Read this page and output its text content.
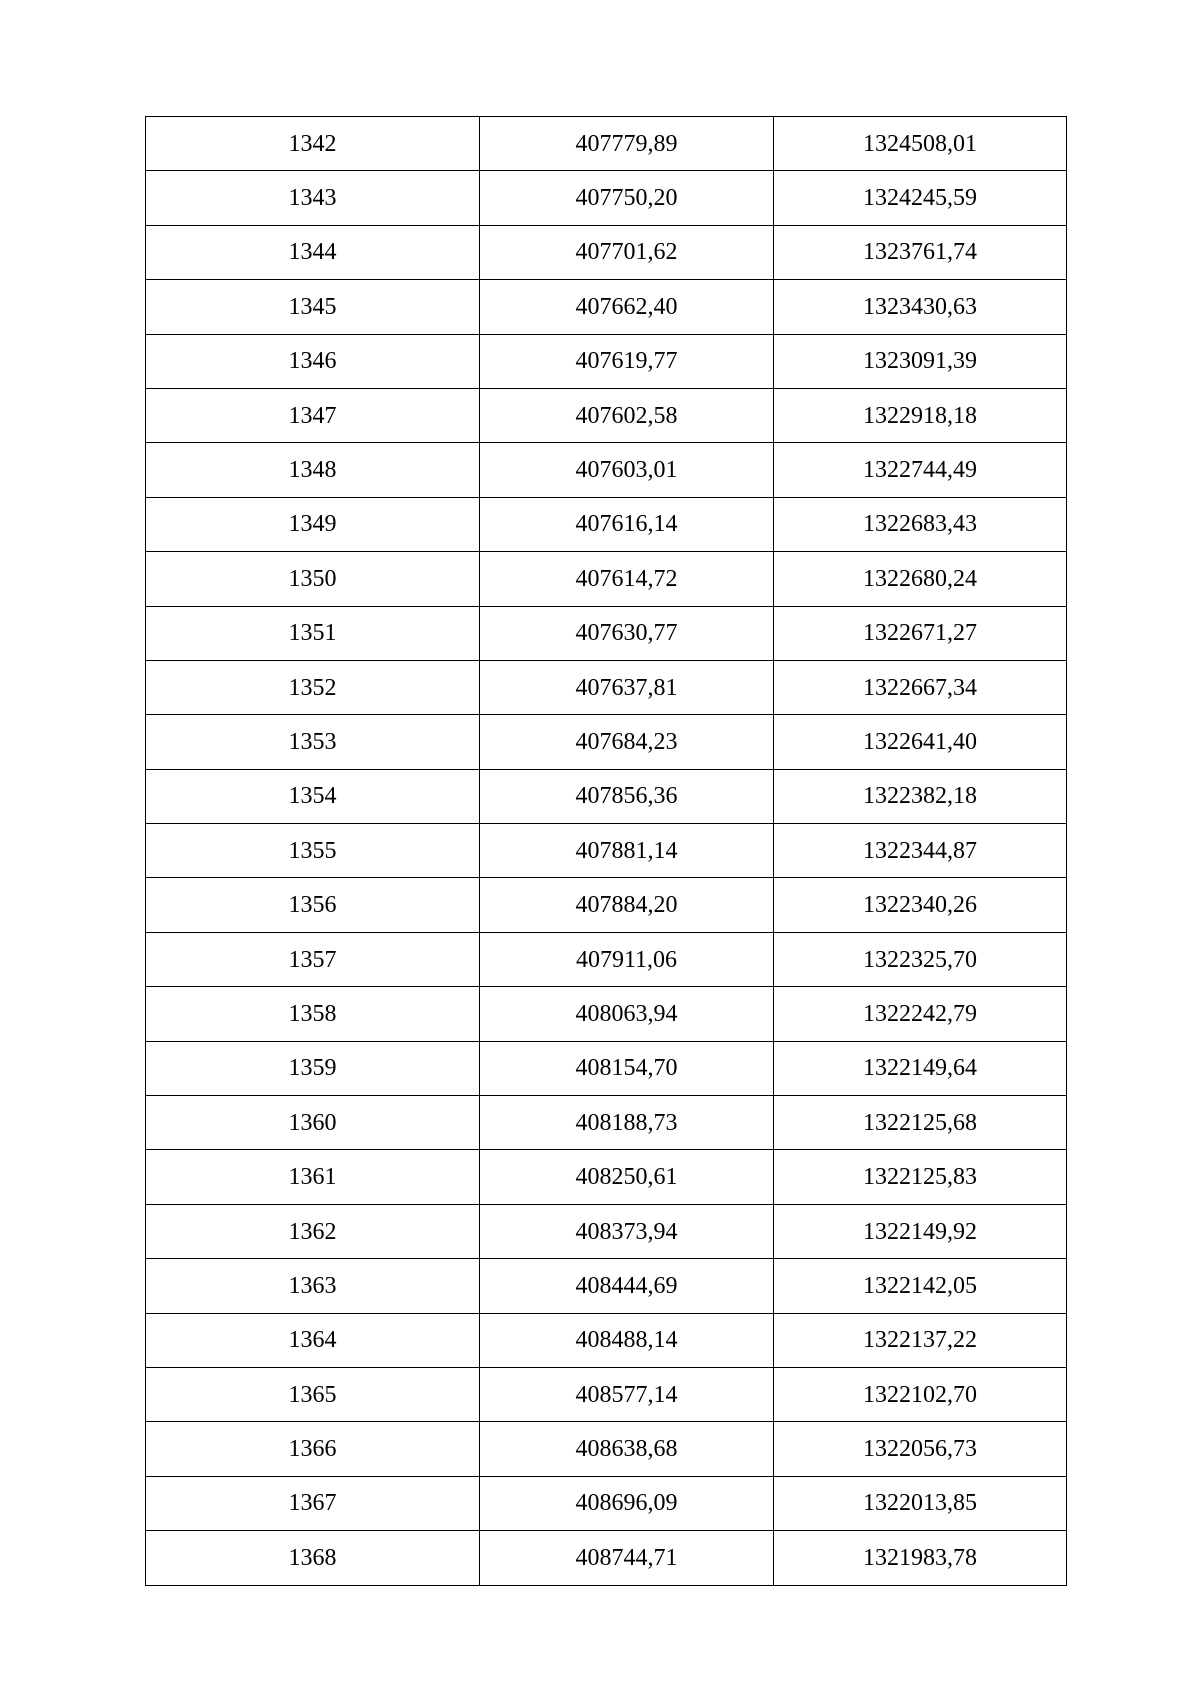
1342	407779,89	1324508,01
1343	407750,20	1324245,59
1344	407701,62	1323761,74
1345	407662,40	1323430,63
1346	407619,77	1323091,39
1347	407602,58	1322918,18
1348	407603,01	1322744,49
1349	407616,14	1322683,43
1350	407614,72	1322680,24
1351	407630,77	1322671,27
1352	407637,81	1322667,34
1353	407684,23	1322641,40
1354	407856,36	1322382,18
1355	407881,14	1322344,87
1356	407884,20	1322340,26
1357	407911,06	1322325,70
1358	408063,94	1322242,79
1359	408154,70	1322149,64
1360	408188,73	1322125,68
1361	408250,61	1322125,83
1362	408373,94	1322149,92
1363	408444,69	1322142,05
1364	408488,14	1322137,22
1365	408577,14	1322102,70
1366	408638,68	1322056,73
1367	408696,09	1322013,85
1368	408744,71	1321983,78
